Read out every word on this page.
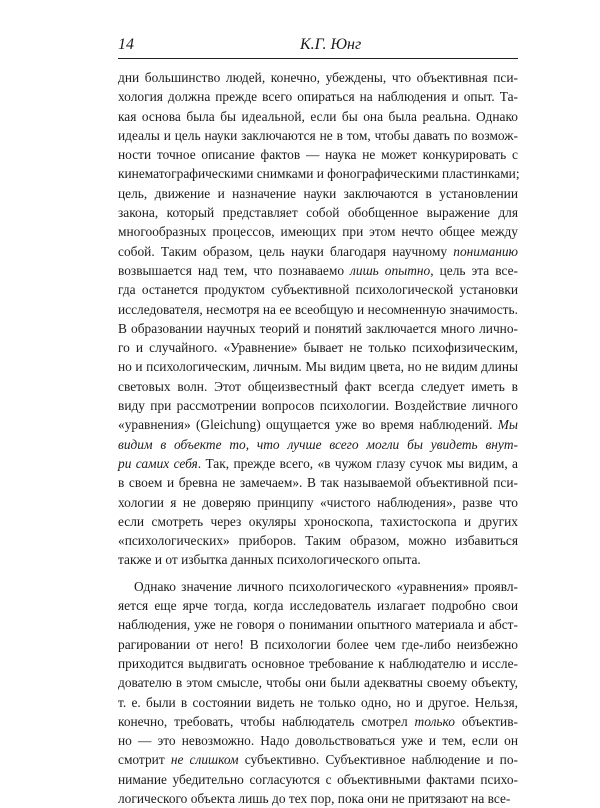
14	К.Г. Юнг
дни большинство людей, конечно, убеждены, что объективная пси-
хология должна прежде всего опираться на наблюдения и опыт. Та-
кая основа была бы идеальной, если бы она была реальна. Однако
идеалы и цель науки заключаются не в том, чтобы давать по возмож-
ности точное описание фактов — наука не может конкурировать с
кинематографическими снимками и фонографическими пластинками;
цель, движение и назначение науки заключаются в установлении
закона, который представляет собой обобщенное выражение для
многообразных процессов, имеющих при этом нечто общее между
собой. Таким образом, цель науки благодаря научному пониманию
возвышается над тем, что познаваемо лишь опытно, цель эта все-
гда останется продуктом субъективной психологической установки
исследователя, несмотря на ее всеобщую и несомненную значимость.
В образовании научных теорий и понятий заключается много лично-
го и случайного. «Уравнение» бывает не только психофизическим,
но и психологическим, личным. Мы видим цвета, но не видим длины
световых волн. Этот общеизвестный факт всегда следует иметь в
виду при рассмотрении вопросов психологии. Воздействие личного
«уравнения» (Gleichung) ощущается уже во время наблюдений. Мы
видим в объекте то, что лучше всего могли бы увидеть внут-
ри самих себя. Так, прежде всего, «в чужом глазу сучок мы видим, а
в своем и бревна не замечаем». В так называемой объективной пси-
хологии я не доверяю принципу «чистого наблюдения», разве что
если смотреть через окуляры хроноскопа, тахистоскопа и других
«психологических» приборов. Таким образом, можно избавиться
также и от избытка данных психологического опыта.
Однако значение личного психологического «уравнения» проявл-
яется еще ярче тогда, когда исследователь излагает подробно свои
наблюдения, уже не говоря о понимании опытного материала и абст-
рагировании от него! В психологии более чем где-либо неизбежно
приходится выдвигать основное требование к наблюдателю и иссле-
дователю в этом смысле, чтобы они были адекватны своему объекту,
т. е. были в состоянии видеть не только одно, но и другое. Нельзя,
конечно, требовать, чтобы наблюдатель смотрел только объектив-
но — это невозможно. Надо довольствоваться уже и тем, если он
смотрит не слишком субъективно. Субъективное наблюдение и по-
нимание убедительно согласуются с объективными фактами психо-
логического объекта лишь до тех пор, пока они не притязают на все-
